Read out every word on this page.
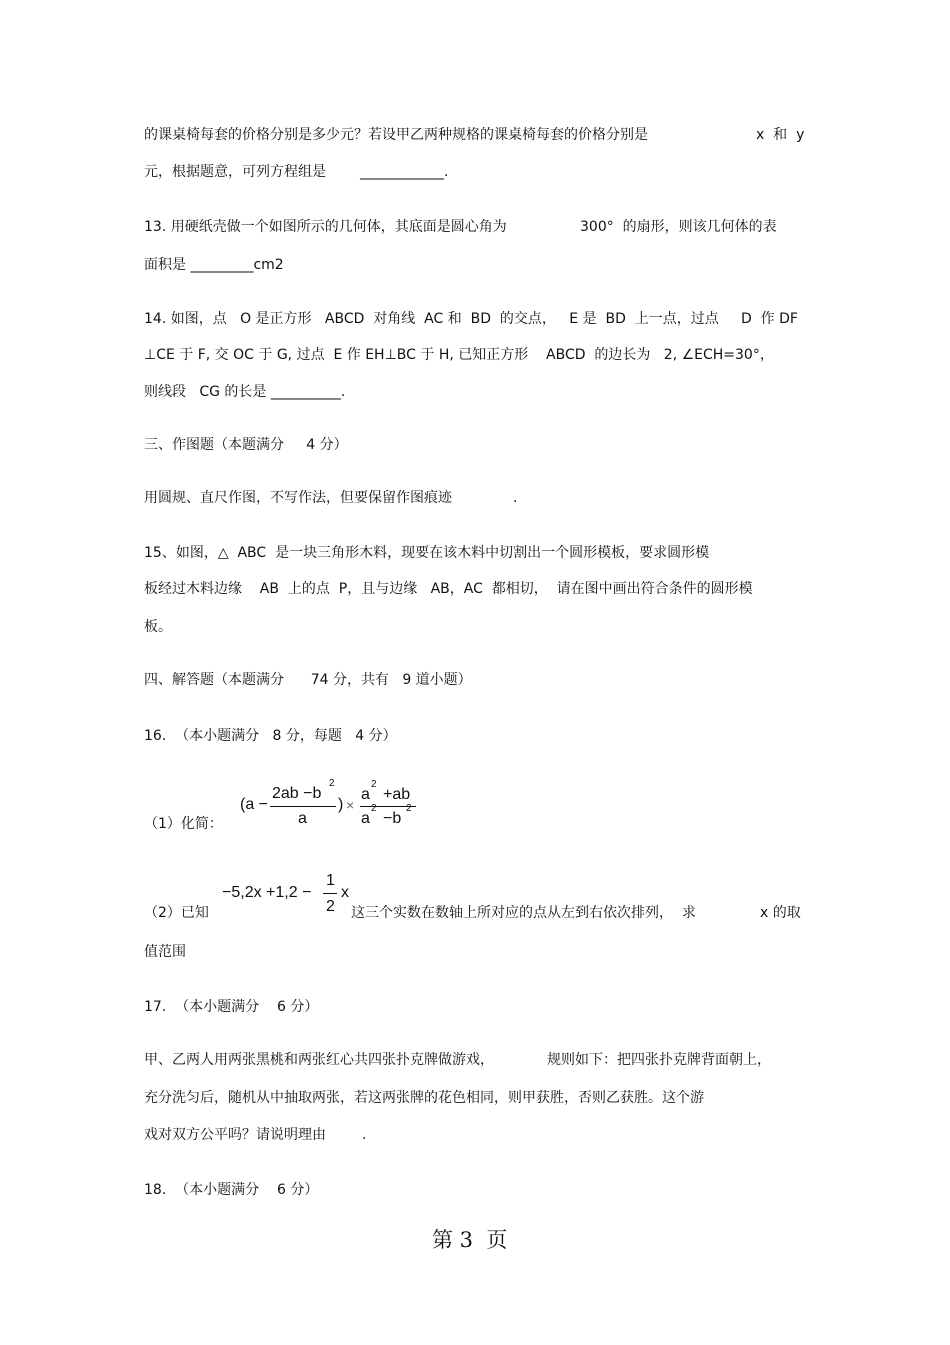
的课桌椅每套的价格分别是多少元？若设甲乙两种规格的课桌椅每套的价格分别是	x  和  y
元，根据题意，可列方程组是 ____________.
13. 用硬纸壳做一个如图所示的几何体，其底面是圆心角为	300°  的扇形，则该几何体的表
面积是 _________cm2
14. 如图，点   O 是正方形   ABCD  对角线  AC 和  BD  的交点，   E 是  BD  上一点，过点     D  作 DF
⊥CE 于 F, 交 OC 于 G, 过点  E 作 EH⊥BC 于 H, 已知正方形    ABCD  的边长为   2, ∠ECH=30°，
则线段   CG 的长是 __________.
三、作图题（本题满分     4 分）
用圆规、直尺作图，不写作法，但要保留作图痕迹	.
15、如图，△  ABC  是一块三角形木料，现要在该木料中切割出一个圆形模板，要求圆形模
板经过木料边缘    AB  上的点  P，且与边缘   AB，AC  都相切，  请在图中画出符合条件的圆形模
板。
四、解答题（本题满分      74 分，共有   9 道小题）
16.  （本小题满分   8 分，每题   4 分）
（1）化简：
(a −
2ab −b
2
a
) ×
a
2
+ab
a
2
−b
2
（2）已知
−5,2x +1,2 −
1
2
x
这三个实数在数轴上所对应的点从左到右依次排列，  求	x 的取
值范围
17.  （本小题满分    6 分）
甲、乙两人用两张黑桃和两张红心共四张扑克牌做游戏，	规则如下：把四张扑克牌背面朝上，
充分洗匀后，随机从中抽取两张，若这两张牌的花色相同，则甲获胜，否则乙获胜。这个游
戏对双方公平吗？请说明理由	.
18.  （本小题满分    6 分）
第 3  页
